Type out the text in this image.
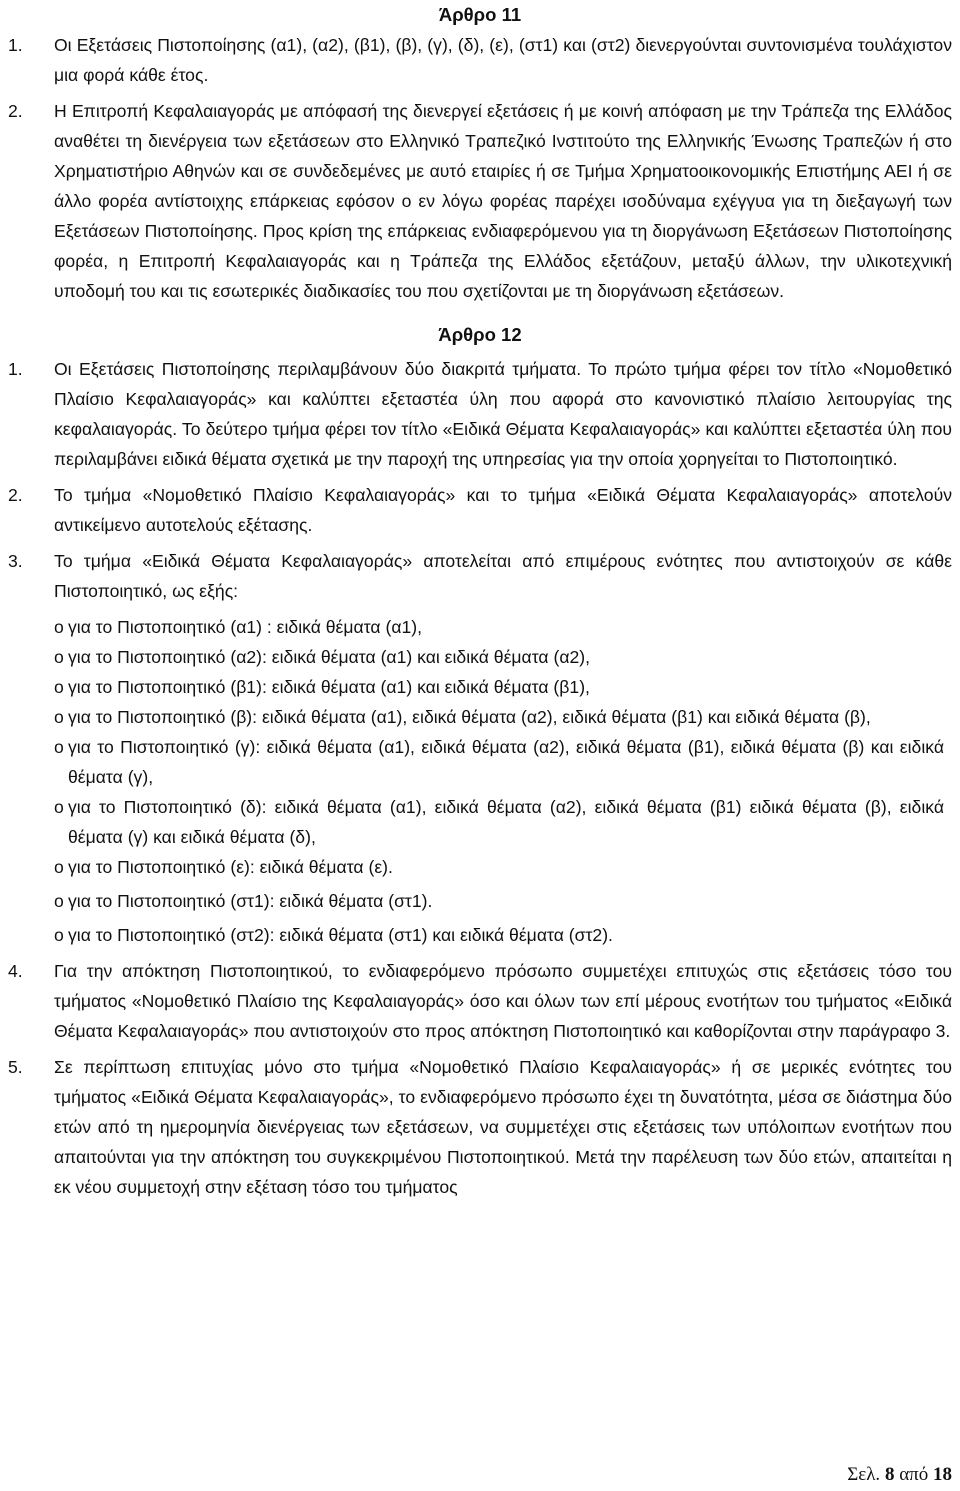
Άρθρο 11
1.	Οι Εξετάσεις Πιστοποίησης (α1), (α2), (β1), (β), (γ), (δ), (ε), (στ1) και (στ2) διενεργούνται συντονισμένα τουλάχιστον μια φορά κάθε έτος.
2.	Η Επιτροπή Κεφαλαιαγοράς με απόφασή της διενεργεί εξετάσεις ή με κοινή απόφαση με την Τράπεζα της Ελλάδος αναθέτει τη διενέργεια των εξετάσεων στο Ελληνικό Τραπεζικό Ινστιτούτο της Ελληνικής Ένωσης Τραπεζών ή στο Χρηματιστήριο Αθηνών και σε συνδεδεμένες με αυτό εταιρίες ή σε Τμήμα Χρηματοοικονομικής Επιστήμης ΑΕΙ ή σε άλλο φορέα αντίστοιχης επάρκειας εφόσον ο εν λόγω φορέας παρέχει ισοδύναμα εχέγγυα για τη διεξαγωγή των Εξετάσεων Πιστοποίησης. Προς κρίση της επάρκειας ενδιαφερόμενου για τη διοργάνωση Εξετάσεων Πιστοποίησης φορέα, η Επιτροπή Κεφαλαιαγοράς και η Τράπεζα της Ελλάδος εξετάζουν, μεταξύ άλλων, την υλικοτεχνική υποδομή του και τις εσωτερικές διαδικασίες του που σχετίζονται με τη διοργάνωση εξετάσεων.
Άρθρο 12
1.	Οι Εξετάσεις Πιστοποίησης περιλαμβάνουν δύο διακριτά τμήματα. Το πρώτο τμήμα φέρει τον τίτλο «Νομοθετικό Πλαίσιο Κεφαλαιαγοράς» και καλύπτει εξεταστέα ύλη που αφορά στο κανονιστικό πλαίσιο λειτουργίας της κεφαλαιαγοράς. Το δεύτερο τμήμα φέρει τον τίτλο «Ειδικά Θέματα Κεφαλαιαγοράς» και καλύπτει εξεταστέα ύλη που περιλαμβάνει ειδικά θέματα σχετικά με την παροχή της υπηρεσίας για την οποία χορηγείται το Πιστοποιητικό.
2.	Το τμήμα «Νομοθετικό Πλαίσιο Κεφαλαιαγοράς» και το τμήμα «Ειδικά Θέματα Κεφαλαιαγοράς» αποτελούν αντικείμενο αυτοτελούς εξέτασης.
3.	Το τμήμα «Ειδικά Θέματα Κεφαλαιαγοράς» αποτελείται από επιμέρους ενότητες που αντιστοιχούν σε κάθε Πιστοποιητικό, ως εξής:
o για το Πιστοποιητικό (α1) : ειδικά θέματα (α1),
o για το Πιστοποιητικό (α2): ειδικά θέματα (α1) και ειδικά θέματα (α2),
o για το Πιστοποιητικό (β1): ειδικά θέματα (α1) και ειδικά θέματα (β1),
o για το Πιστοποιητικό (β): ειδικά θέματα (α1), ειδικά θέματα (α2), ειδικά θέματα (β1) και ειδικά θέματα (β),
o για το Πιστοποιητικό (γ): ειδικά θέματα (α1), ειδικά θέματα (α2), ειδικά θέματα (β1), ειδικά θέματα (β) και ειδικά θέματα (γ),
o για το Πιστοποιητικό (δ): ειδικά θέματα (α1), ειδικά θέματα (α2), ειδικά θέματα (β1) ειδικά θέματα (β), ειδικά θέματα (γ) και ειδικά θέματα (δ),
o για το Πιστοποιητικό (ε): ειδικά θέματα (ε).
o για το Πιστοποιητικό (στ1): ειδικά θέματα (στ1).
o για το Πιστοποιητικό (στ2): ειδικά θέματα (στ1) και ειδικά θέματα (στ2).
4.	Για την απόκτηση Πιστοποιητικού, το ενδιαφερόμενο πρόσωπο συμμετέχει επιτυχώς στις εξετάσεις τόσο του τμήματος «Νομοθετικό Πλαίσιο της Κεφαλαιαγοράς» όσο και όλων των επί μέρους ενοτήτων του τμήματος «Ειδικά Θέματα Κεφαλαιαγοράς» που αντιστοιχούν στο προς απόκτηση Πιστοποιητικό και καθορίζονται στην παράγραφο 3.
5.	Σε περίπτωση επιτυχίας μόνο στο τμήμα «Νομοθετικό Πλαίσιο Κεφαλαιαγοράς» ή σε μερικές ενότητες του τμήματος «Ειδικά Θέματα Κεφαλαιαγοράς», το ενδιαφερόμενο πρόσωπο έχει τη δυνατότητα, μέσα σε διάστημα δύο ετών από τη ημερομηνία διενέργειας των εξετάσεων, να συμμετέχει στις εξετάσεις των υπόλοιπων ενοτήτων που απαιτούνται για την απόκτηση του συγκεκριμένου Πιστοποιητικού. Μετά την παρέλευση των δύο ετών, απαιτείται η εκ νέου συμμετοχή στην εξέταση τόσο του τμήματος
Σελ. 8 από 18
